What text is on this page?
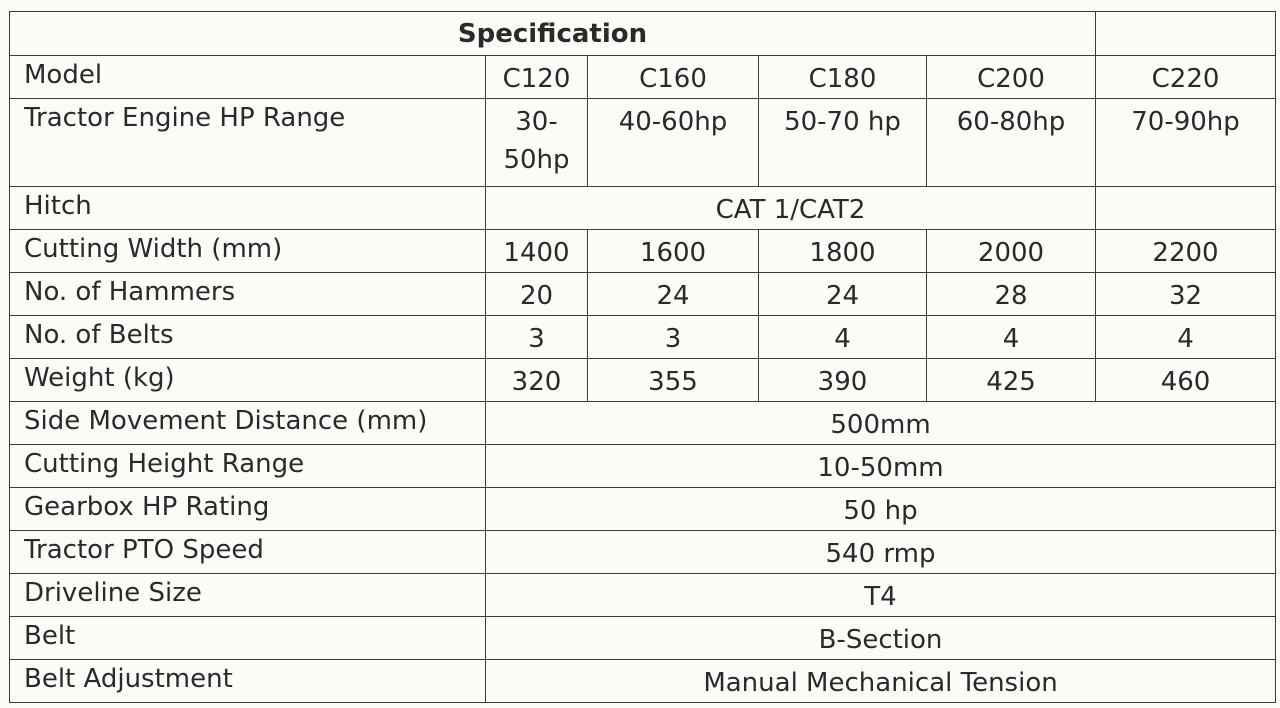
Specification					
Model	C120	C160	C180	C200	C220
Tractor Engine HP Range	30-50hp	40-60hp	50-70 hp	60-80hp	70-90hp
Hitch	CAT 1/CAT2				
Cutting Width (mm)	1400	1600	1800	2000	2200
No. of Hammers	20	24	24	28	32
No. of Belts	3	3	4	4	4
Weight (kg)	320	355	390	425	460
Side Movement Distance (mm)	500mm				
Cutting Height Range	10-50mm				
Gearbox HP Rating	50 hp				
Tractor PTO Speed	540 rmp				
Driveline Size	T4				
Belt	B-Section				
Belt Adjustment	Manual Mechanical Tension				
